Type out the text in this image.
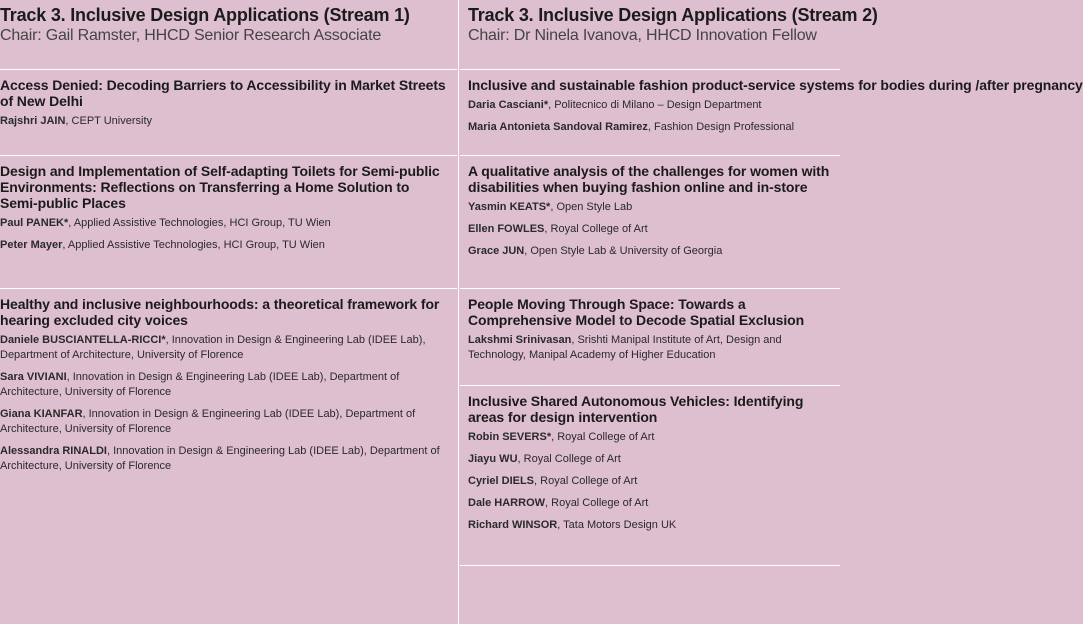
Track 3. Inclusive Design Applications (Stream 1)
Chair: Gail Ramster, HHCD Senior Research Associate
Access Denied: Decoding Barriers to Accessibility in Market Streets of New Delhi
Rajshri JAIN, CEPT University
Design and Implementation of Self-adapting Toilets for Semi-public Environments: Reflections on Transferring a Home Solution to Semi-public Places
Paul PANEK*, Applied Assistive Technologies, HCI Group, TU Wien
Peter Mayer, Applied Assistive Technologies, HCI Group, TU Wien
Healthy and inclusive neighbourhoods: a theoretical framework for hearing excluded city voices
Daniele BUSCIANTELLA-RICCI*, Innovation in Design & Engineering Lab (IDEE Lab), Department of Architecture, University of Florence
Sara VIVIANI, Innovation in Design & Engineering Lab (IDEE Lab), Department of Architecture, University of Florence
Giana KIANFAR, Innovation in Design & Engineering Lab (IDEE Lab), Department of Architecture, University of Florence
Alessandra RINALDI, Innovation in Design & Engineering Lab (IDEE Lab), Department of Architecture, University of Florence
Track 3. Inclusive Design Applications (Stream 2)
Chair: Dr Ninela Ivanova, HHCD Innovation Fellow
Inclusive and sustainable fashion product-service systems for bodies during /after pregnancy
Daria Casciani*, Politecnico di Milano – Design Department
Maria Antonieta Sandoval Ramirez, Fashion Design Professional
A qualitative analysis of the challenges for women with disabilities when buying fashion online and in-store
Yasmin KEATS*, Open Style Lab
Ellen FOWLES, Royal College of Art
Grace JUN, Open Style Lab & University of Georgia
People Moving Through Space: Towards a Comprehensive Model to Decode Spatial Exclusion
Lakshmi Srinivasan, Srishti Manipal Institute of Art, Design and Technology, Manipal Academy of Higher Education
Inclusive Shared Autonomous Vehicles: Identifying areas for design intervention
Robin SEVERS*, Royal College of Art
Jiayu WU, Royal College of Art
Cyriel DIELS, Royal College of Art
Dale HARROW, Royal College of Art
Richard WINSOR, Tata Motors Design UK
